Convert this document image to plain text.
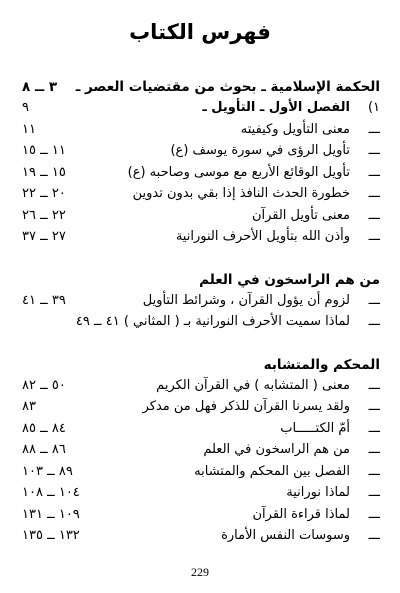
فهرس الكتاب
الحكمة الإسلامية ـ بحوث من مقتضيات العصر ـ
٣ ــ ٨
١)
الفصل الأول ـ التأويل ـ
٩
ـــ
معنى التأويل وكيفيته
١١
ـــ
تأويل الرؤى في سورة يوسف (ع)
١١ ــ ١٥
ـــ
تأويل الوقائع الأربع مع موسى وصاحبه (ع)
١٥ ــ ١٩
ـــ
خطورة الحدث النافذ إذا بقي بدون تدوين
٢٠ ــ ٢٢
ـــ
معنى تأويل القرآن
٢٢ ــ ٢٦
ـــ
وأذن الله بتأويل الأحرف النورانية
٢٧ ــ ٣٧
من هم الراسخون في العلم
ـــ
لزوم أن يؤول القرآن ، وشرائط التأويل
٣٩ ــ ٤١
ـــ
لماذا سميت الأحرف النورانية بـ ( المثاني ) ٤١ ــ ٤٩
المحكم والمتشابه
ـــ
معنى ( المتشابه ) في القرآن الكريم
٥٠ ــ ٨٢
ـــ
ولقد يسرنا القرآن للذكر فهل من مدكر
٨٣
ـــ
أمّ الكتـــــاب
٨٤ ــ ٨٥
ـــ
من هم الراسخون في العلم
٨٦ ــ ٨٨
ـــ
الفصل بين المحكم والمتشابه
٨٩ ــ ١٠٣
ـــ
لماذا نورانية
١٠٤ ــ ١٠٨
ـــ
لماذا قراءة القرآن
١٠٩ ــ ١٣١
ـــ
وسوسات النفس الأمارة
١٣٢ ــ ١٣٥
229
